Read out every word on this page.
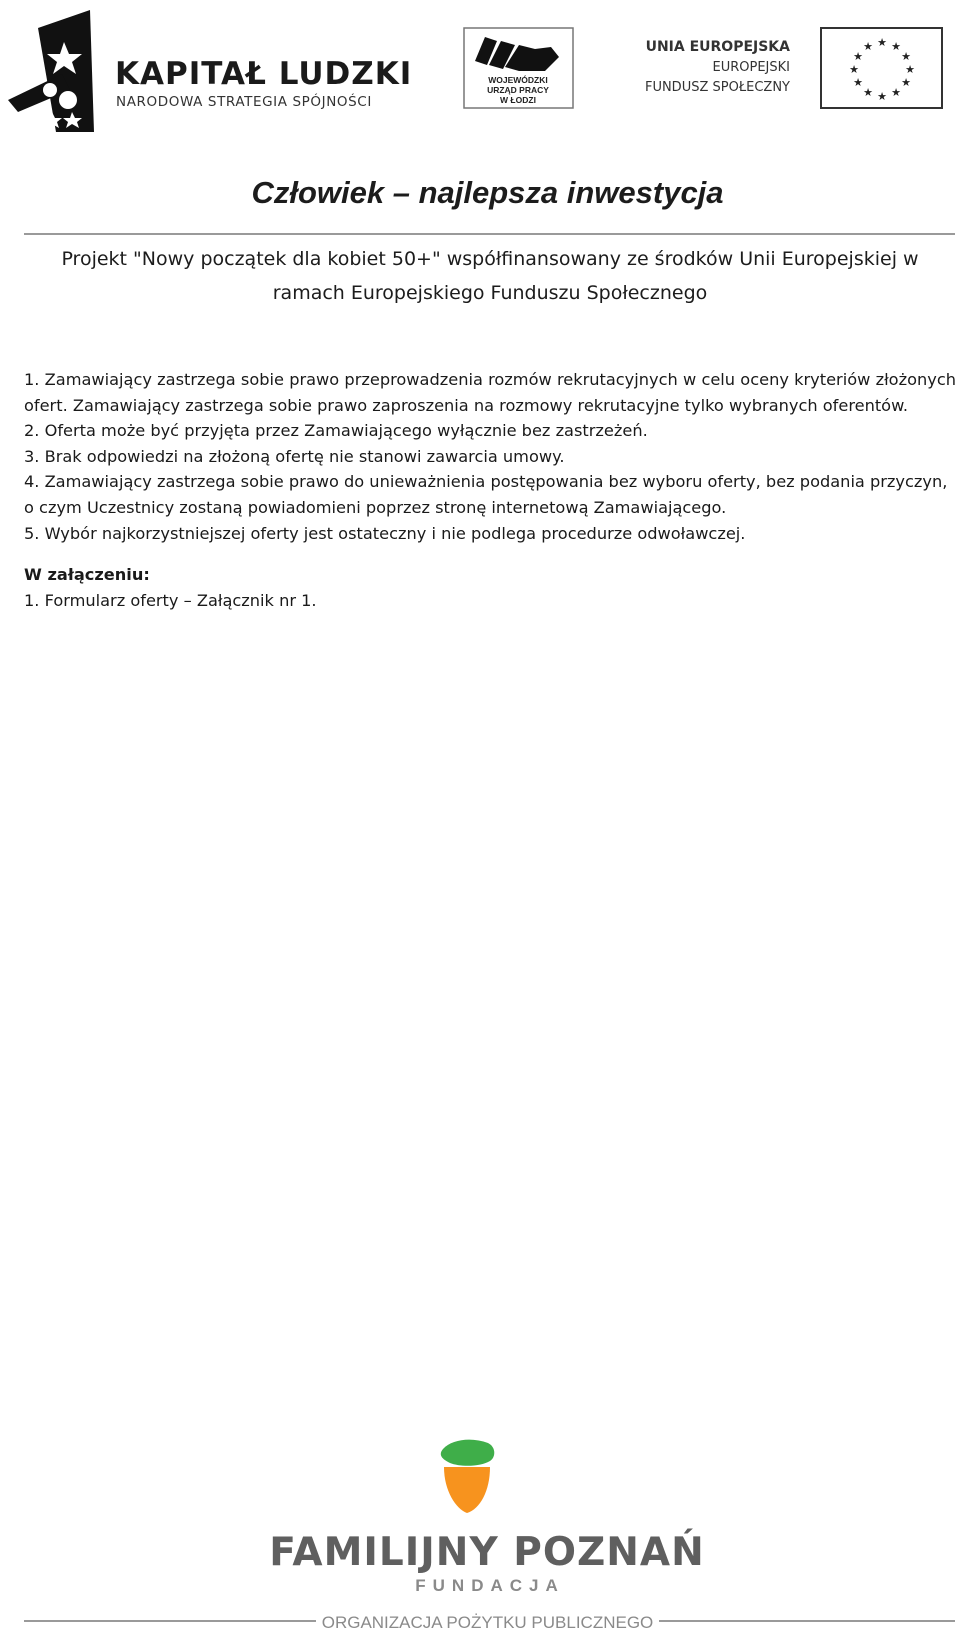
KAPITAŁ LUDZKI
NARODOWA STRATEGIA SPÓJNOŚCI
WOJEWÓDZKI
URZĄD PRACY
W ŁODZI
UNIA EUROPEJSKA
EUROPEJSKI
FUNDUSZ SPOŁECZNY
★ ★
★
★
★
★
★
★
★
★
★
★
Człowiek – najlepsza inwestycja
Projekt "Nowy początek dla kobiet 50+" współfinansowany ze środków Unii Europejskiej w
ramach Europejskiego Funduszu Społecznego

1. Zamawiający zastrzega sobie prawo przeprowadzenia rozmów rekrutacyjnych w celu oceny kryteriów złożonych ofert. Zamawiający zastrzega sobie prawo zaproszenia na rozmowy rekrutacyjne tylko wybranych oferentów.

2. Oferta może być przyjęta przez Zamawiającego wyłącznie bez zastrzeżeń.

3. Brak odpowiedzi na złożoną ofertę nie stanowi zawarcia umowy.

4. Zamawiający zastrzega sobie prawo do unieważnienia postępowania bez wyboru oferty, bez podania przyczyn,

o czym Uczestnicy zostaną powiadomieni poprzez stronę internetową Zamawiającego.

5. Wybór najkorzystniejszej oferty jest ostateczny i nie podlega procedurze odwoławczej.

W załączeniu:

1. Formularz oferty – Załącznik nr 1.

FAMILIJNY POZNAŃ
FUNDACJA
ORGANIZACJA POŻYTKU PUBLICZNEGO
